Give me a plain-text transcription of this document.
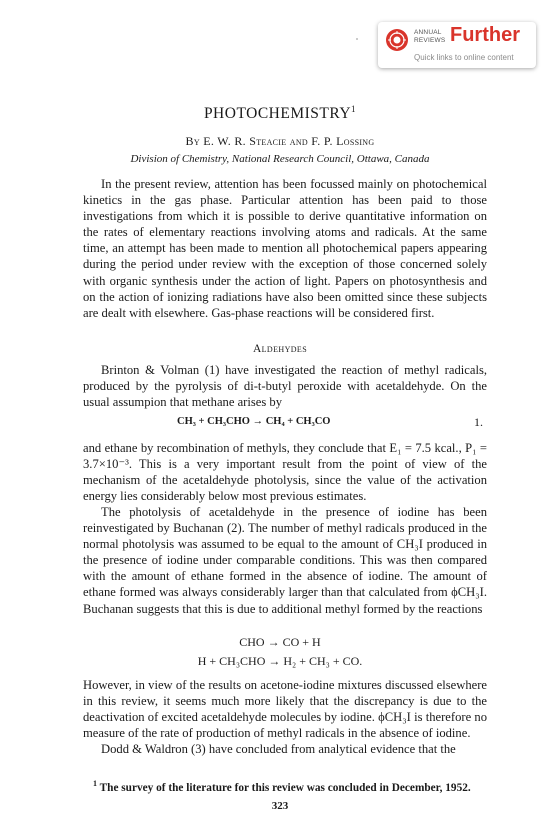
ANNUAL
REVIEWS Further
Quick links to online content
PHOTOCHEMISTRY$^1$
By E. W. R. Steacie and F. P. Lossing
Division of Chemistry, National Research Council, Ottawa, Canada

In the present review, attention has been focussed mainly on photochemical kinetics in the gas phase. Particular attention has been paid to those investigations from which it is possible to derive quantitative information on the rates of elementary reactions involving atoms and radicals. At the same time, an attempt has been made to mention all photochemical papers appearing during the period under review with the exception of those concerned solely with organic synthesis under the action of light. Papers on photosynthesis and on the action of ionizing radiations have also been omitted since these subjects are dealt with elsewhere. Gas-phase reactions will be considered first.

Aldehydes

Brinton & Volman (1) have investigated the reaction of methyl radicals, produced by the pyrolysis of di-t-butyl peroxide with acetaldehyde. On the usual assumpion that methane arises by

CH₃ + CH₃CHO → CH₄ + CH₃CO	1.

and ethane by recombination of methyls, they conclude that E₁ = 7.5 kcal., P₁ = 3.7×10⁻³. This is a very important result from the point of view of the mechanism of the acetaldehyde photolysis, since the value of the activation energy lies considerably below most previous estimates.

The photolysis of acetaldehyde in the presence of iodine has been reinvestigated by Buchanan (2). The number of methyl radicals produced in the normal photolysis was assumed to be equal to the amount of CH₃I produced in the presence of iodine under comparable conditions. This was then compared with the amount of ethane formed in the absence of iodine. The amount of ethane formed was always considerably larger than that calculated from ϕCH₃I. Buchanan suggests that this is due to additional methyl formed by the reactions

CHO → CO + H
H + CH₃CHO → H₂ + CH₃ + CO.

However, in view of the results on acetone-iodine mixtures discussed elsewhere in this review, it seems much more likely that the discrepancy is due to the deactivation of excited acetaldehyde molecules by iodine. ϕCH₃I is therefore no measure of the rate of production of methyl radicals in the absence of iodine.

Dodd & Waldron (3) have concluded from analytical evidence that the

$^1$ The survey of the literature for this review was concluded in December, 1952.
323
